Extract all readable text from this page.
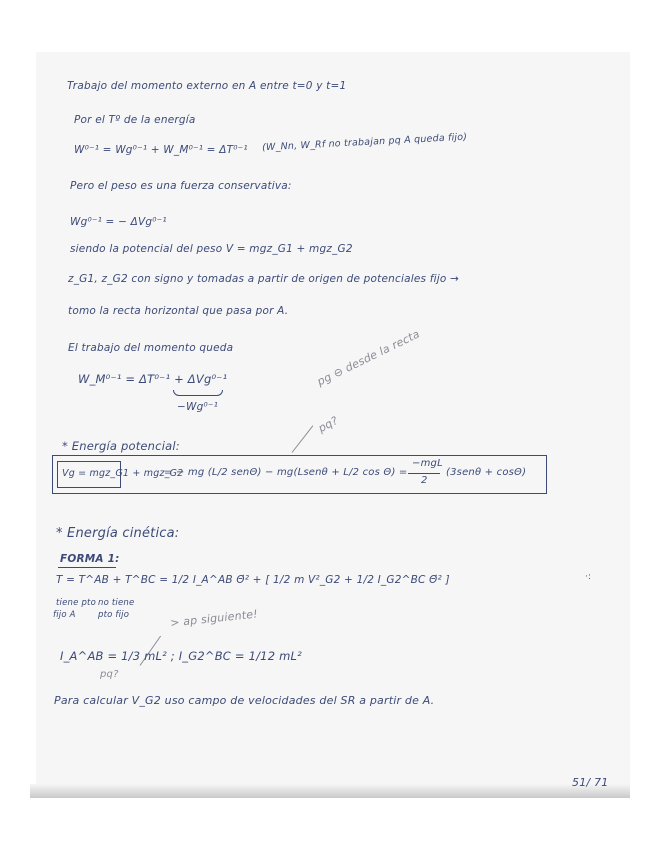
Trabajo del momento externo en A entre t=0 y t=1
Por el Tº de la energía
W⁰⁻¹ = Wg⁰⁻¹ + W_M⁰⁻¹ = ΔT⁰⁻¹ (W_Nn, W_Rf no trabajan pq A queda fijo)
Pero el peso es una fuerza conservativa:
Wg⁰⁻¹ = − ΔVg⁰⁻¹
siendo la potencial del peso V = mgz_G1 + mgz_G2
z_G1, z_G2 con signo y tomadas a partir de origen de potenciales fijo →
tomo la recta horizontal que pasa por A.
El trabajo del momento queda
W_M⁰⁻¹ = ΔT⁰⁻¹ + ΔVg⁰⁻¹
−Wg⁰⁻¹
pg ⊖ desde la recta
pq?
* Energía potencial:
Vg = mgz_G1 + mgz_G2
= − mg (L/2 senΘ) − mg(Lsenθ + L/2 cos Θ) =
−mgL
2
(3senθ + cosΘ)
* Energía cinética:
FORMA 1:
T = T^AB + T^BC = 1/2 I_A^AB Θ̇² + [ 1/2 m V²_G2 + 1/2 I_G2^BC Θ̇² ]
tiene pto
fijo A
no tiene
pto fijo	> ap siguiente!
I_A^AB = 1/3 mL² ; I_G2^BC = 1/12 mL²
pq?
Para calcular V_G2 uso campo de velocidades del SR a partir de A.
·:
51/ 71
